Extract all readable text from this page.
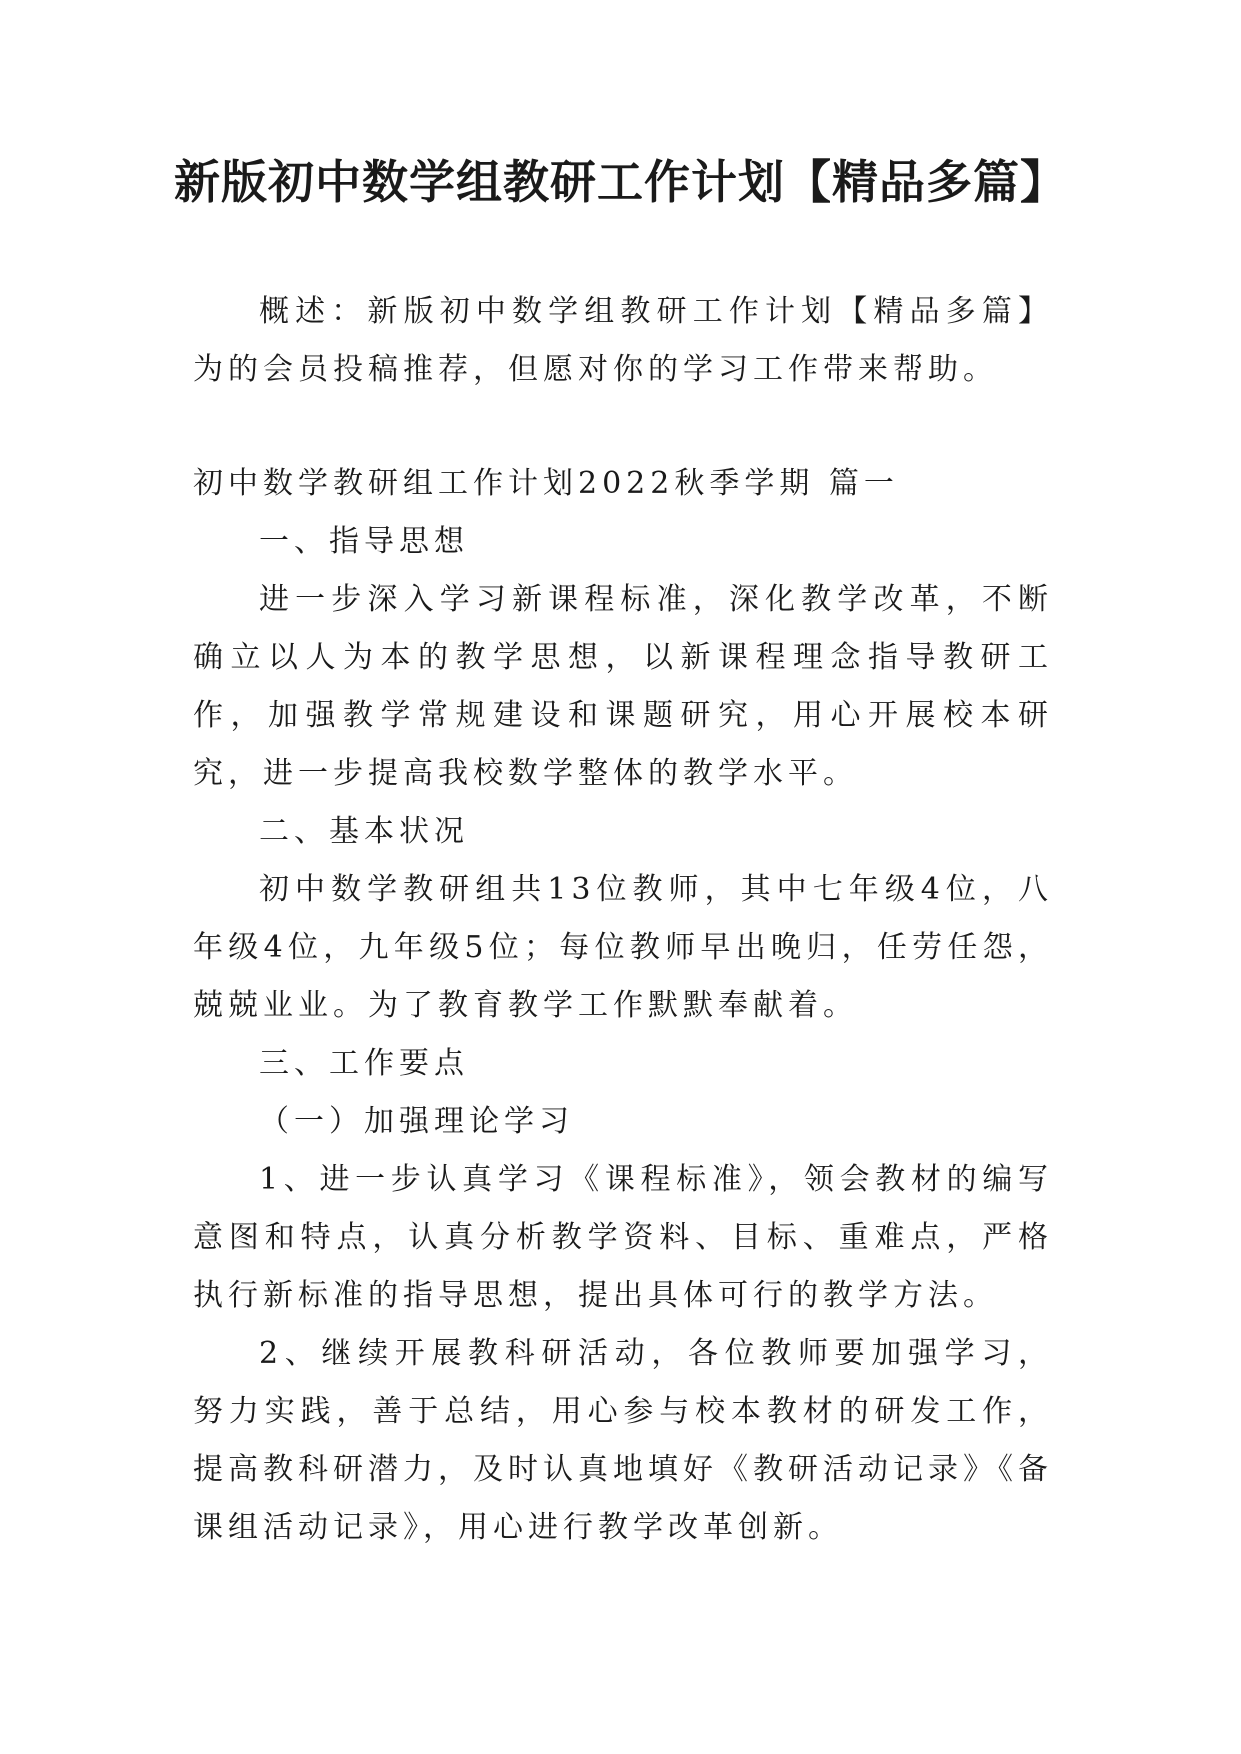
新版初中数学组教研工作计划【精品多篇】

概述：新版初中数学组教研工作计划【精品多篇】为的会员投稿推荐，但愿对你的学习工作带来帮助。

初中数学教研组工作计划2022秋季学期 篇一

一、指导思想

进一步深入学习新课程标准，深化教学改革，不断确立以人为本的教学思想，以新课程理念指导教研工作，加强教学常规建设和课题研究，用心开展校本研究，进一步提高我校数学整体的教学水平。

二、基本状况

初中数学教研组共13位教师，其中七年级4位，八年级4位，九年级5位；每位教师早出晚归，任劳任怨，兢兢业业。为了教育教学工作默默奉献着。

三、工作要点

（一）加强理论学习

1、进一步认真学习《课程标准》，领会教材的编写意图和特点，认真分析教学资料、目标、重难点，严格执行新标准的指导思想，提出具体可行的教学方法。

2、继续开展教科研活动，各位教师要加强学习，努力实践，善于总结，用心参与校本教材的研发工作，提高教科研潜力，及时认真地填好《教研活动记录》《备课组活动记录》，用心进行教学改革创新。
